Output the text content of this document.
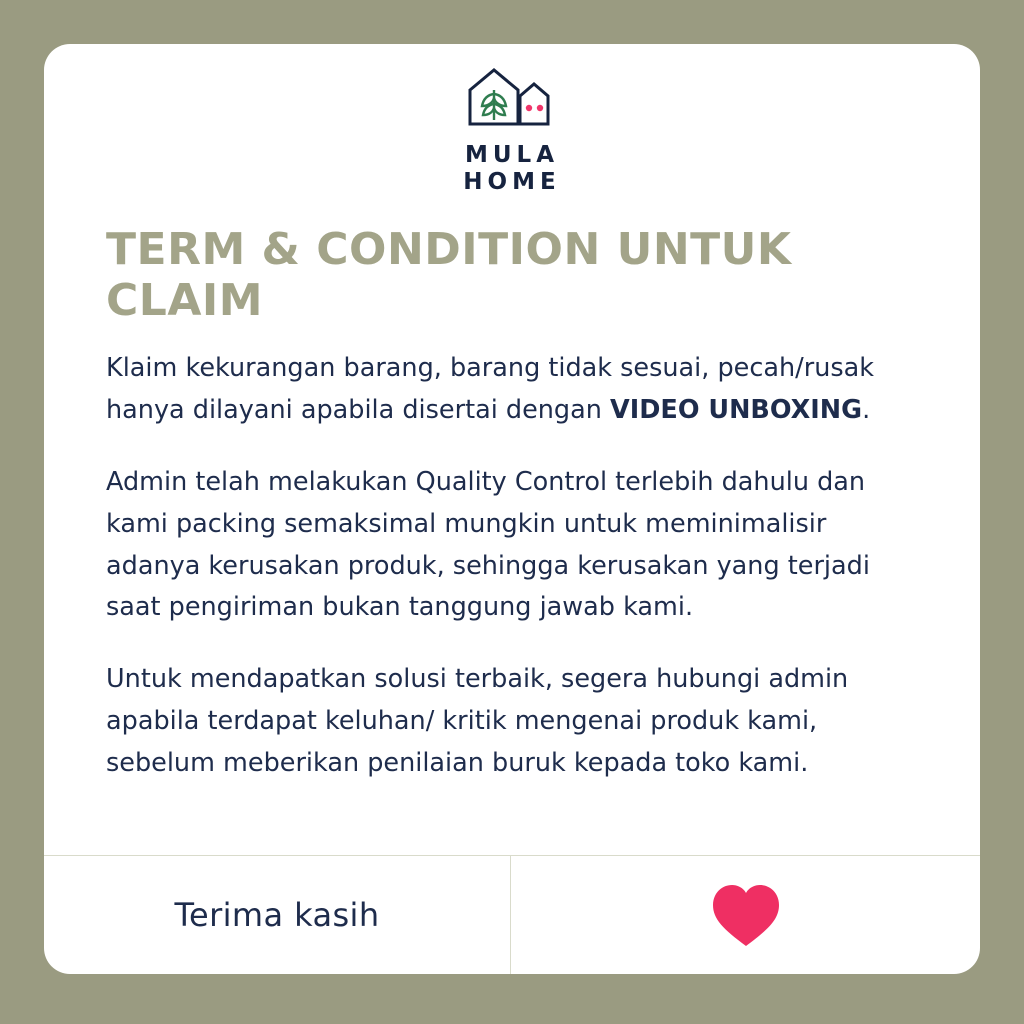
MULA
HOME
TERM & CONDITION UNTUK CLAIM

Klaim kekurangan barang, barang tidak sesuai, pecah/rusak hanya dilayani apabila disertai dengan VIDEO UNBOXING.

Admin telah melakukan Quality Control terlebih dahulu dan kami packing semaksimal mungkin untuk meminimalisir adanya kerusakan produk, sehingga kerusakan yang terjadi saat pengiriman bukan tanggung jawab kami.

Untuk mendapatkan solusi terbaik, segera hubungi admin apabila terdapat keluhan/ kritik mengenai produk kami, sebelum meberikan penilaian buruk kepada toko kami.

Terima kasih
